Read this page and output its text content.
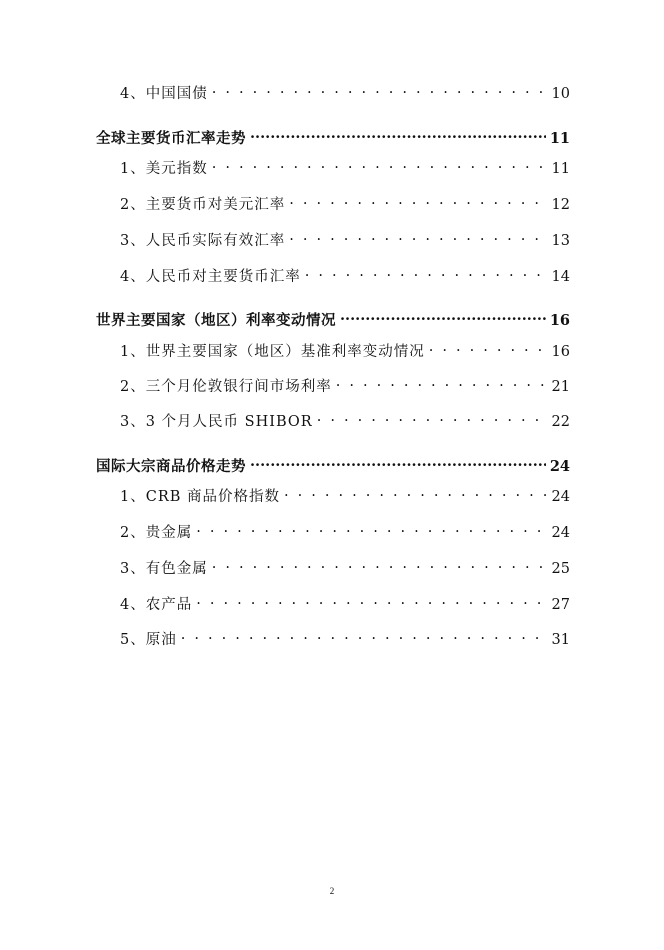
4、中国国债 . . .	10
全球主要货币汇率走势 .....	11
1、美元指数 . . .	11
2、主要货币对美元汇率 . . .	12
3、人民币实际有效汇率 . . .	13
4、人民币对主要货币汇率 . . .	14
世界主要国家（地区）利率变动情况 .....	16
1、世界主要国家（地区）基准利率变动情况 . . .	16
2、三个月伦敦银行间市场利率 . . .	21
3、3 个月人民币 SHIBOR . . .	22
国际大宗商品价格走势 .....	24
1、CRB 商品价格指数 . . .	24
2、贵金属 . . .	24
3、有色金属 . . .	25
4、农产品 . . .	27
5、原油 . . .	31
2
